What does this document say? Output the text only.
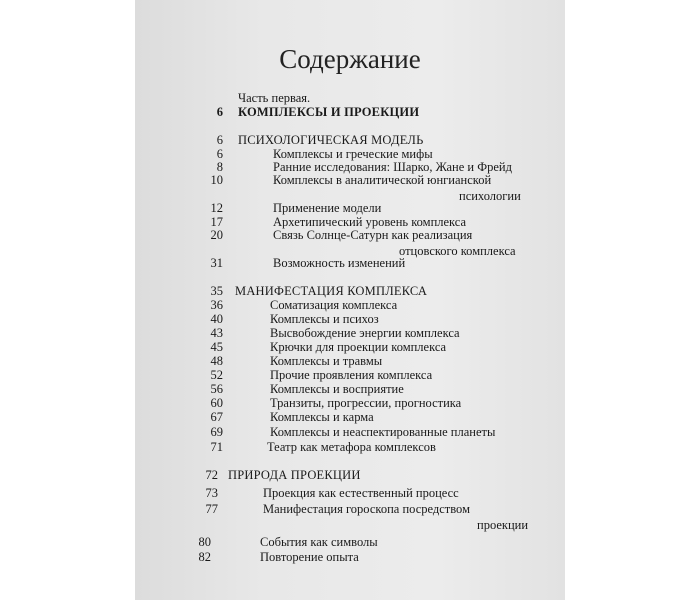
Содержание
Часть первая.
6 КОМПЛЕКСЫ И ПРОЕКЦИИ
6 ПСИХОЛОГИЧЕСКАЯ МОДЕЛЬ
6	Комплексы и греческие мифы
8	Ранние исследования: Шарко, Жане и Фрейд
10	Комплексы в аналитической юнгианской
психологии
12	Применение модели
17	Архетипический уровень комплекса
20	Связь Солнце-Сатурн как реализация
отцовского комплекса
31	Возможность изменений
35 МАНИФЕСТАЦИЯ КОМПЛЕКСА
36	Соматизация комплекса
40	Комплексы и психоз
43	Высвобождение энергии комплекса
45	Крючки для проекции комплекса
48	Комплексы и травмы
52	Прочие проявления комплекса
56	Комплексы и восприятие
60	Транзиты, прогрессии, прогностика
67	Комплексы и карма
69	Комплексы и неаспектированные планеты
71	Театр как метафора комплексов
72 ПРИРОДА ПРОЕКЦИИ
73	Проекция как естественный процесс
77	Манифестация гороскопа посредством
проекции
80	События как символы
82	Повторение опыта
